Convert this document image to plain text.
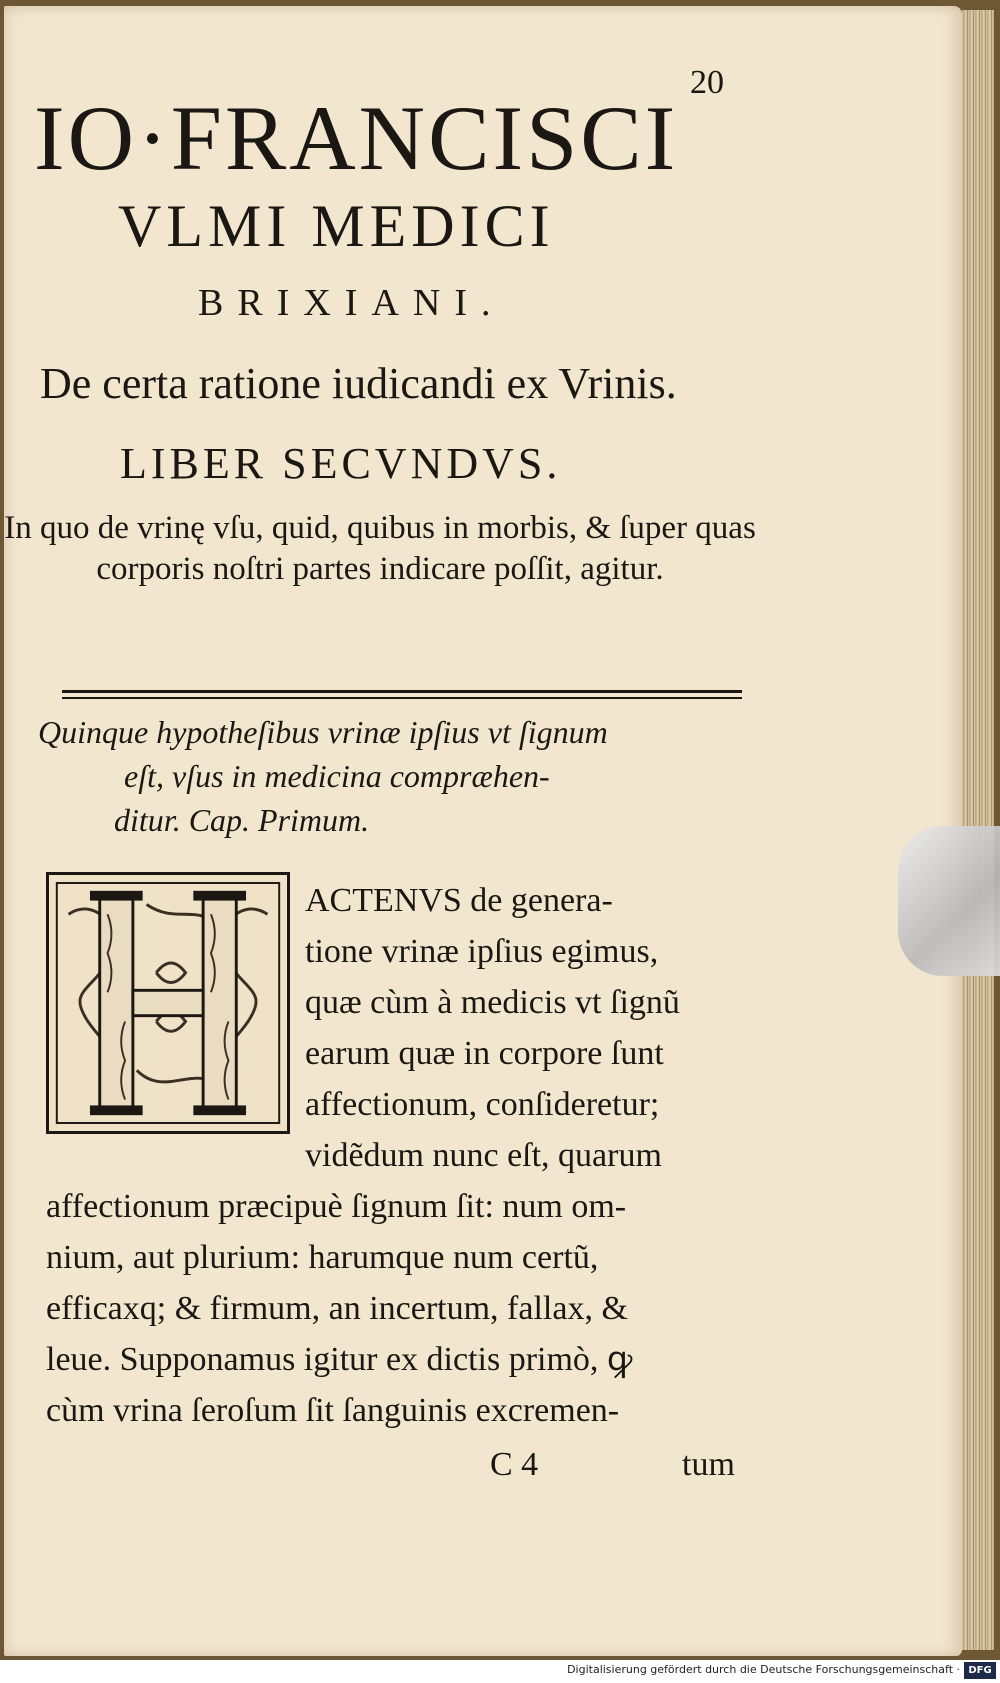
20
IO·FRANCISCI
VLMI MEDICI
BRIXIANI.
De certa ratione iudicandi ex Vrinis.
LIBER SECVNDVS.
In quo de vrinę vſu, quid, quibus in morbis, & ſuper quas corporis noſtri partes indicare poſſit, agitur.
Quinque hypotheſibus vrinæ ipſius vt ſignum
eſt, vſus in medicina compræhen-
ditur. Cap. Primum.
ACTENVS de genera-
tione vrinæ ipſius egimus,
quæ cùm à medicis vt ſignũ
earum quæ in corpore ſunt
affectionum, conſideretur;
vidẽdum nunc eſt, quarum
affectionum præcipuè ſignum ſit: num om-
nium, aut plurium: harumque num certũ,
efficaxq; & firmum, an incertum, fallax, &
leue. Supponamus igitur ex dictis primò, ꝙ
cùm vrina ſeroſum ſit ſanguinis excremen-
C 4	tum
Digitalisierung gefördert durch die Deutsche Forschungsgemeinschaft · DFG
